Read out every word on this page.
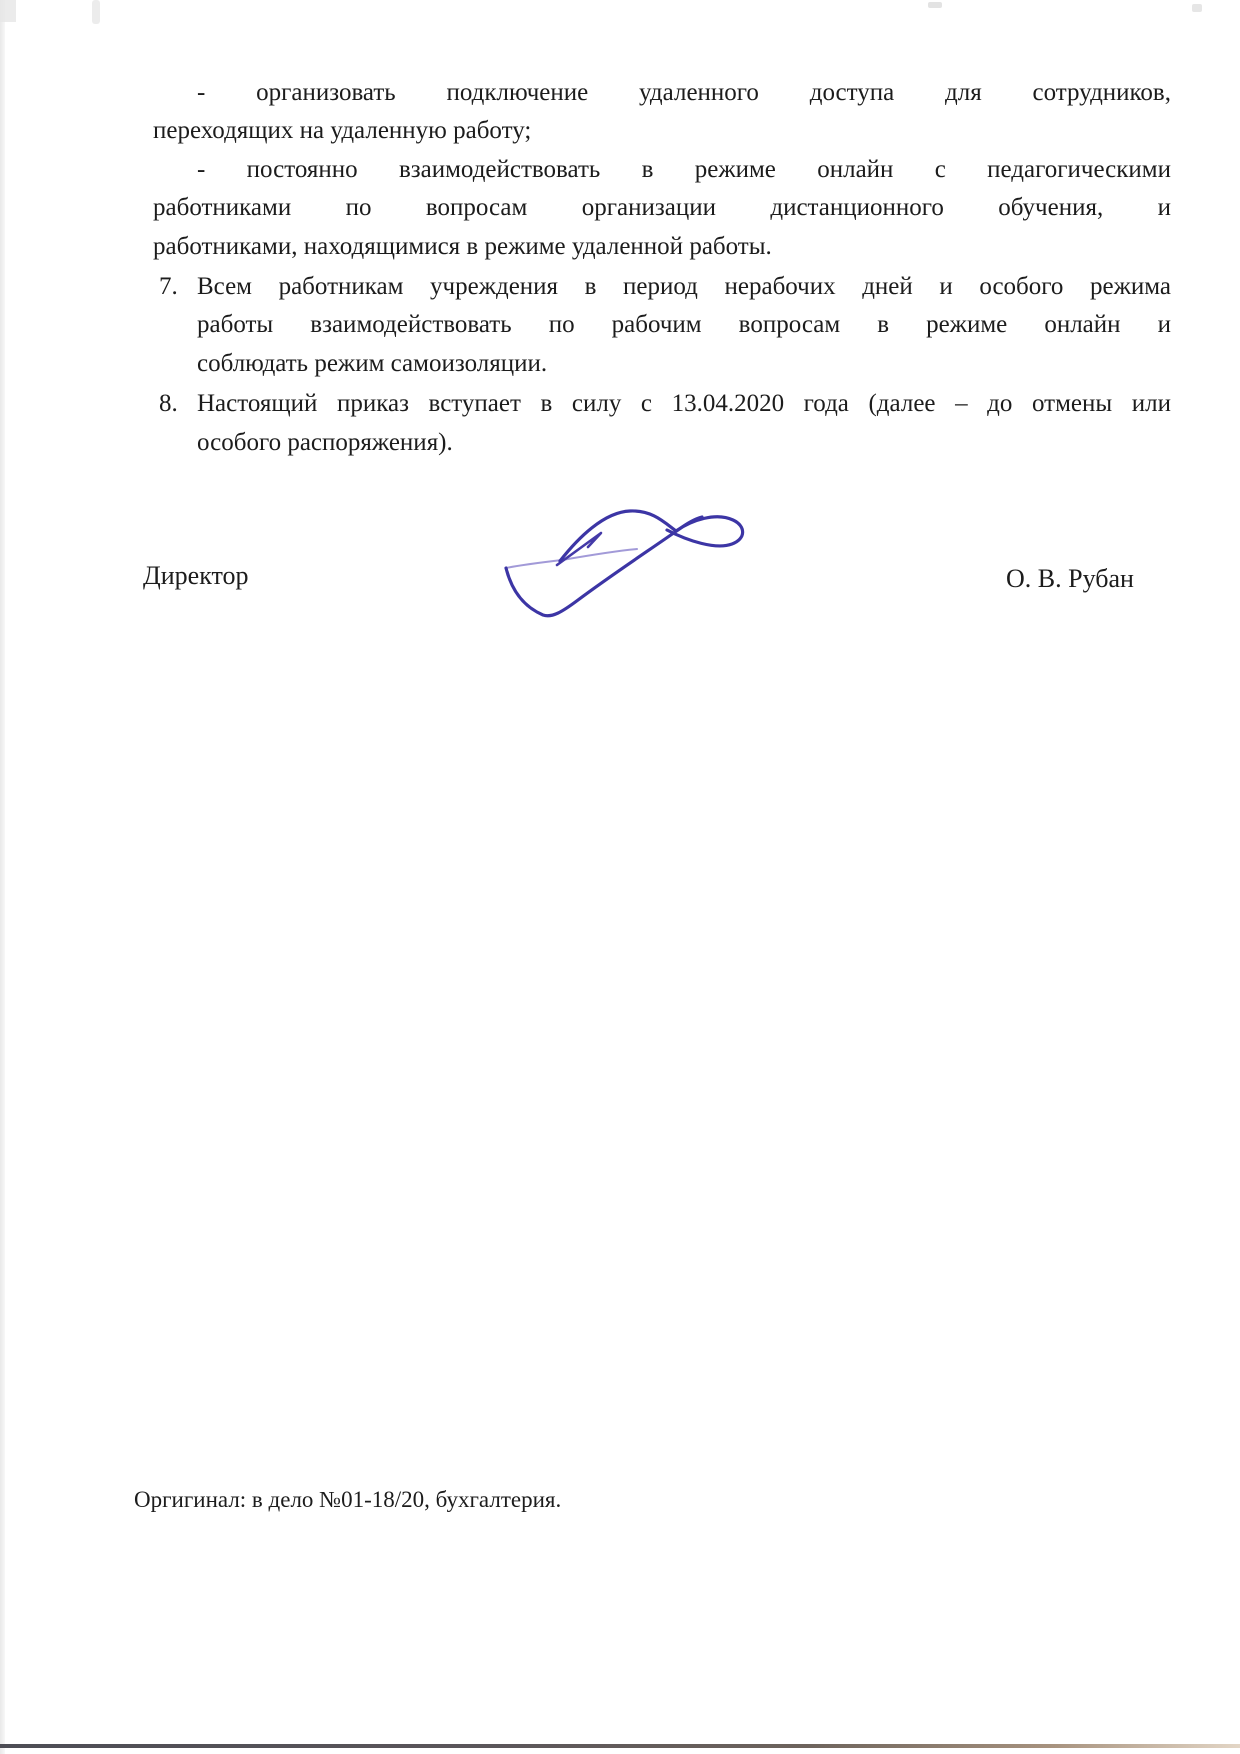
- организовать подключение удаленного доступа для сотрудников,
переходящих на удаленную работу;
- постоянно взаимодействовать в режиме онлайн с педагогическими
работниками по вопросам организации дистанционного обучения, и
работниками, находящимися в режиме удаленной работы.
7. Всем работникам учреждения в период нерабочих дней и особого режима
работы взаимодействовать по рабочим вопросам в режиме онлайн и
соблюдать режим самоизоляции.
8. Настоящий приказ вступает в силу с 13.04.2020 года (далее – до отмены или
особого распоряжения).
Директор	О. В. Рубан
Оргигинал: в дело №01-18/20, бухгалтерия.
